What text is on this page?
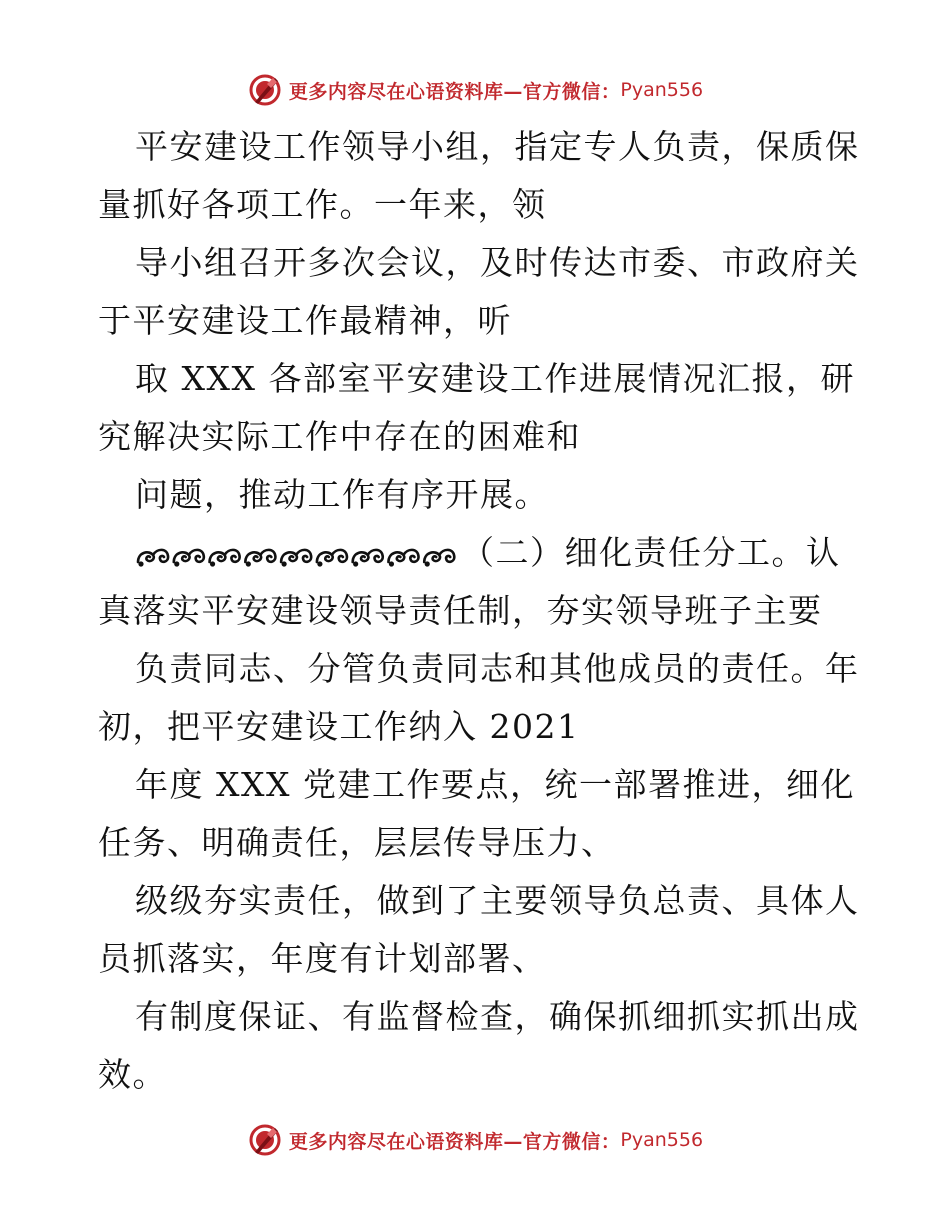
更多内容尽在心语资料库—官方微信： Pyan556
平安建设工作领导小组，指定专人负责，保质保
量抓好各项工作。一年来，领
导小组召开多次会议，及时传达市委、市政府关
于平安建设工作最精神，听
取 XXX 各部室平安建设工作进展情况汇报，研
究解决实际工作中存在的困难和
问题，推动工作有序开展。
（二）细化责任分工。认
真落实平安建设领导责任制，夯实领导班子主要
负责同志、分管负责同志和其他成员的责任。年
初，把平安建设工作纳入 2021
年度 XXX 党建工作要点，统一部署推进，细化
任务、明确责任，层层传导压力、
级级夯实责任，做到了主要领导负总责、具体人
员抓落实，年度有计划部署、
有制度保证、有监督检查，确保抓细抓实抓出成
效。
更多内容尽在心语资料库—官方微信： Pyan556
